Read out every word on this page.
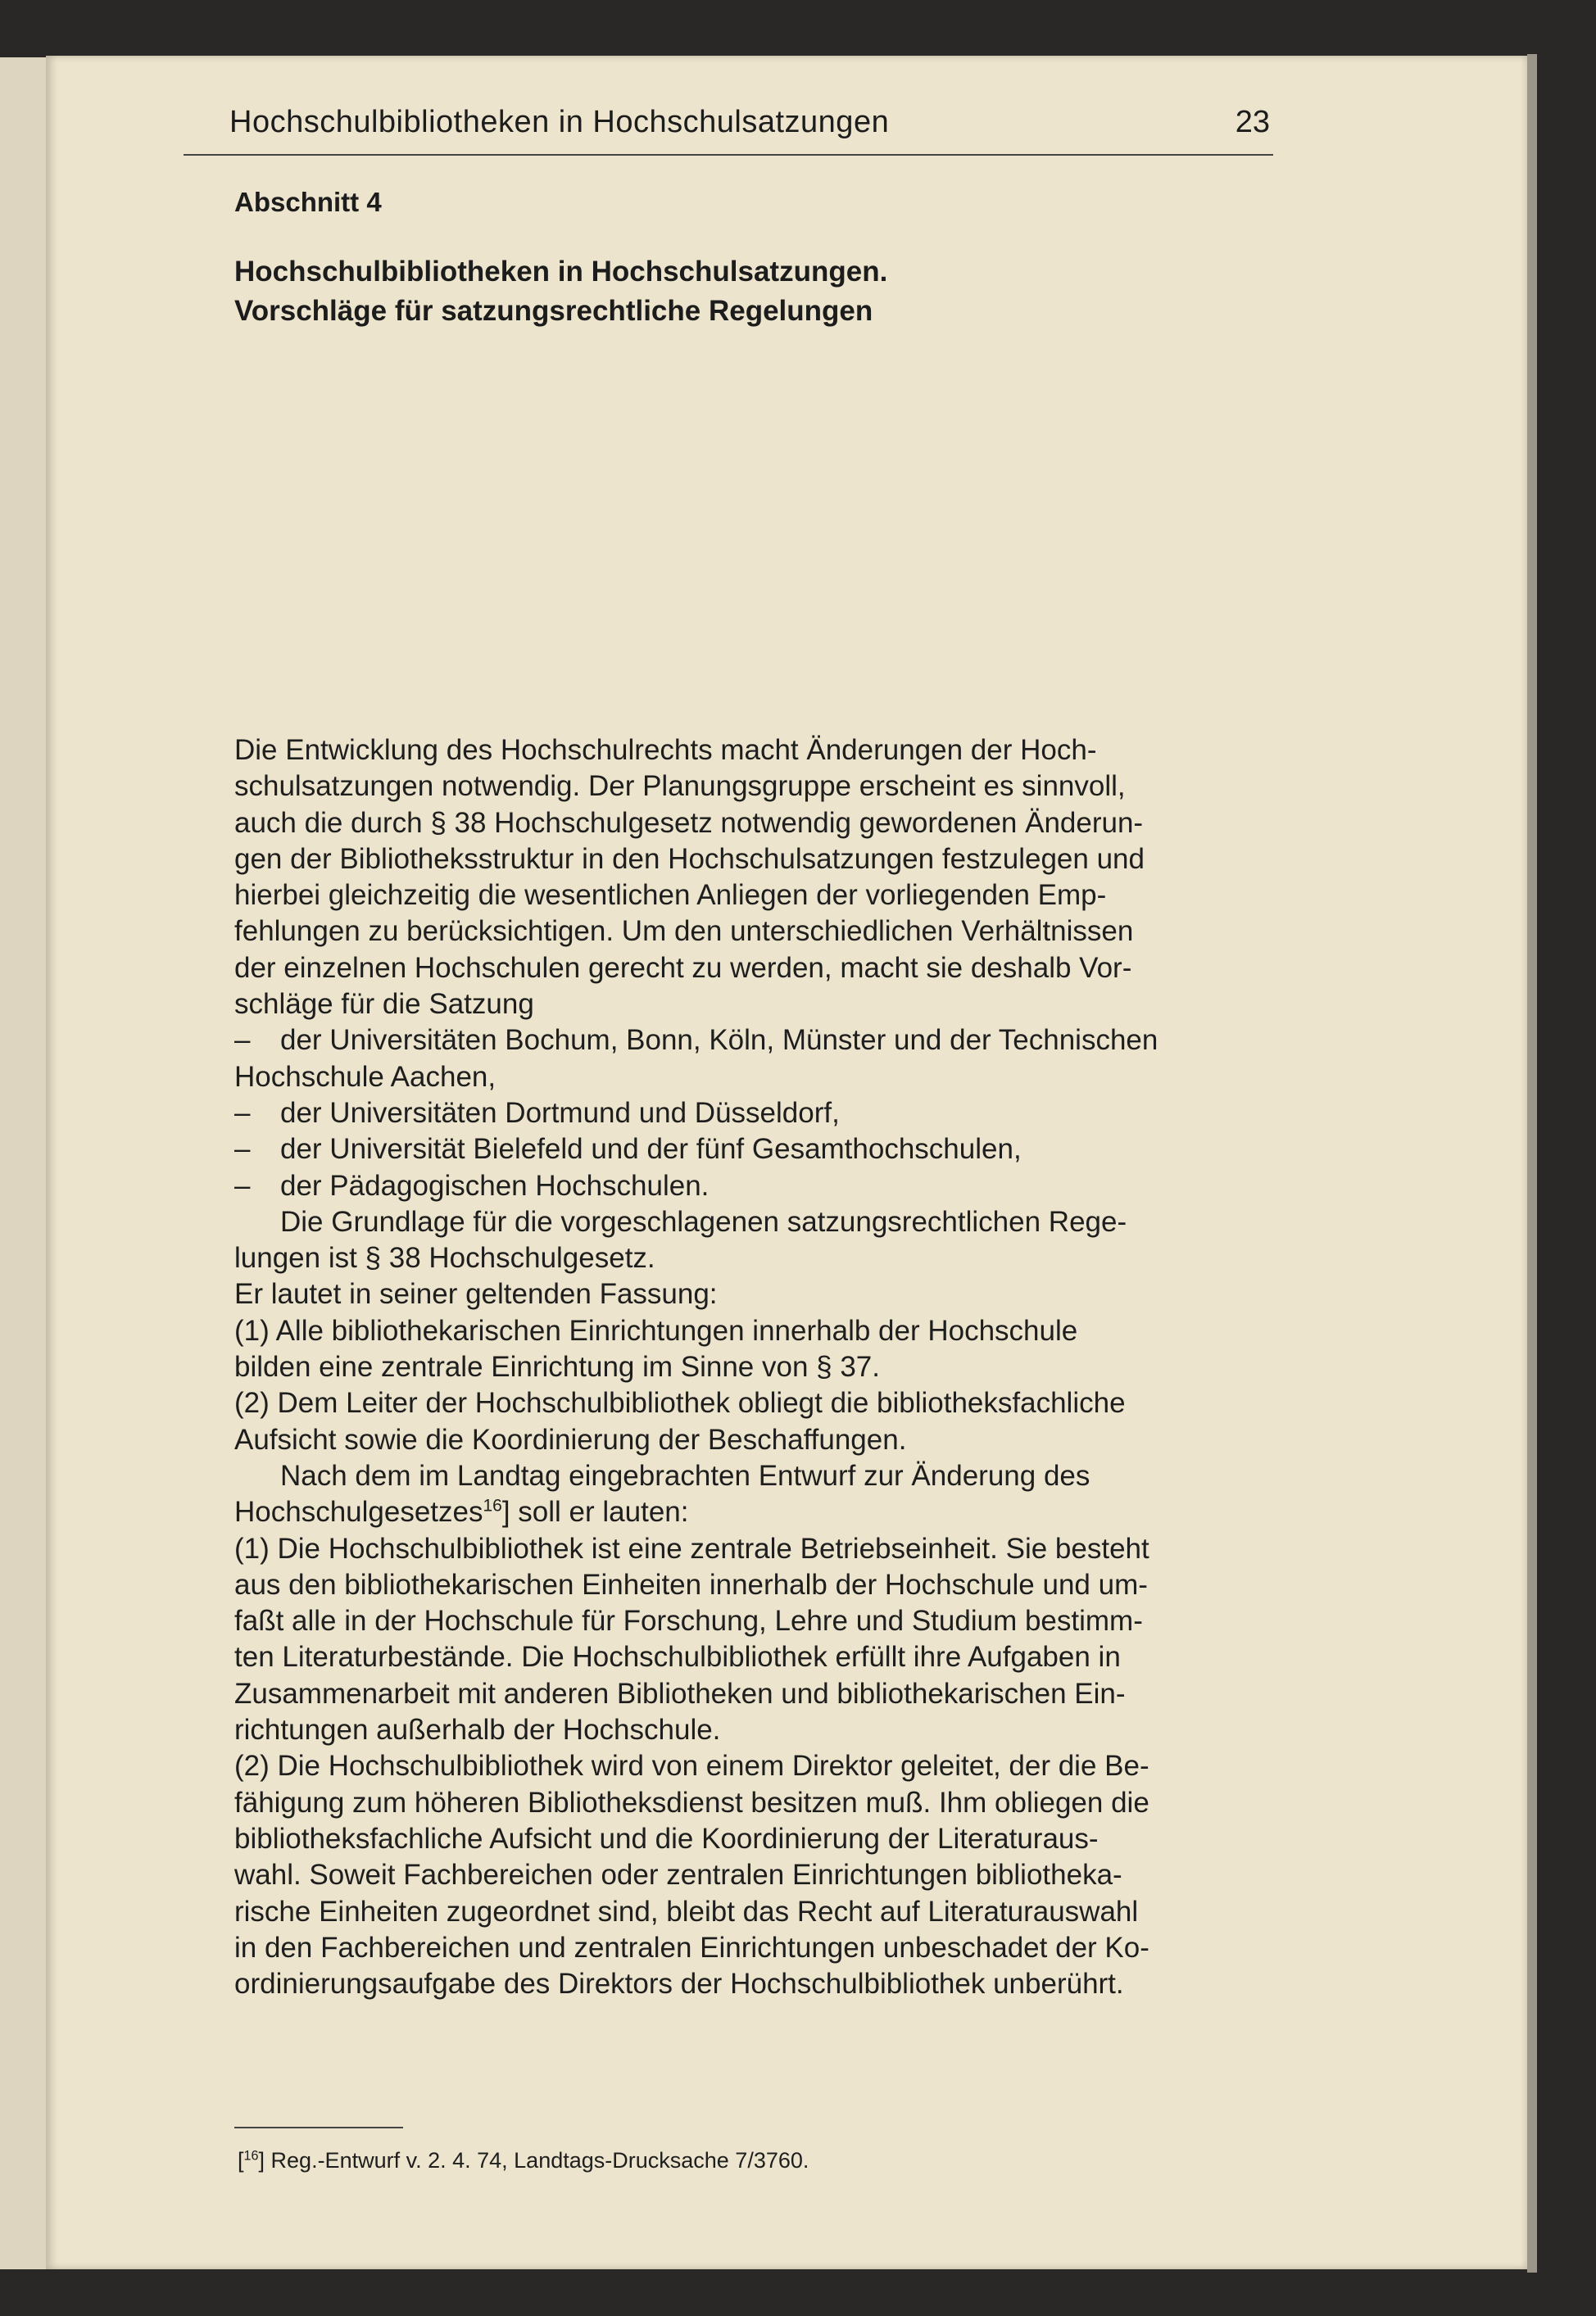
Hochschulbibliotheken in Hochschulsatzungen	23
Abschnitt 4
Hochschulbibliotheken in Hochschulsatzungen.
Vorschläge für satzungsrechtliche Regelungen
Die Entwicklung des Hochschulrechts macht Änderungen der Hoch-
schulsatzungen notwendig. Der Planungsgruppe erscheint es sinnvoll,
auch die durch § 38 Hochschulgesetz notwendig gewordenen Änderun-
gen der Bibliotheksstruktur in den Hochschulsatzungen festzulegen und
hierbei gleichzeitig die wesentlichen Anliegen der vorliegenden Emp-
fehlungen zu berücksichtigen. Um den unterschiedlichen Verhältnissen
der einzelnen Hochschulen gerecht zu werden, macht sie deshalb Vor-
schläge für die Satzung
– der Universitäten Bochum, Bonn, Köln, Münster und der Technischen
Hochschule Aachen,
– der Universitäten Dortmund und Düsseldorf,
– der Universität Bielefeld und der fünf Gesamthochschulen,
– der Pädagogischen Hochschulen.
Die Grundlage für die vorgeschlagenen satzungsrechtlichen Rege-
lungen ist § 38 Hochschulgesetz.
Er lautet in seiner geltenden Fassung:
(1) Alle bibliothekarischen Einrichtungen innerhalb der Hochschule
bilden eine zentrale Einrichtung im Sinne von § 37.
(2) Dem Leiter der Hochschulbibliothek obliegt die bibliotheksfachliche
Aufsicht sowie die Koordinierung der Beschaffungen.
Nach dem im Landtag eingebrachten Entwurf zur Änderung des
Hochschulgesetzes$^{16}$] soll er lauten:
(1) Die Hochschulbibliothek ist eine zentrale Betriebseinheit. Sie besteht
aus den bibliothekarischen Einheiten innerhalb der Hochschule und um-
faßt alle in der Hochschule für Forschung, Lehre und Studium bestimm-
ten Literaturbestände. Die Hochschulbibliothek erfüllt ihre Aufgaben in
Zusammenarbeit mit anderen Bibliotheken und bibliothekarischen Ein-
richtungen außerhalb der Hochschule.
(2) Die Hochschulbibliothek wird von einem Direktor geleitet, der die Be-
fähigung zum höheren Bibliotheksdienst besitzen muß. Ihm obliegen die
bibliotheksfachliche Aufsicht und die Koordinierung der Literaturaus-
wahl. Soweit Fachbereichen oder zentralen Einrichtungen bibliotheka-
rische Einheiten zugeordnet sind, bleibt das Recht auf Literaturauswahl
in den Fachbereichen und zentralen Einrichtungen unbeschadet der Ko-
ordinierungsaufgabe des Direktors der Hochschulbibliothek unberührt.
[$^{16}$] Reg.-Entwurf v. 2. 4. 74, Landtags-Drucksache 7/3760.
